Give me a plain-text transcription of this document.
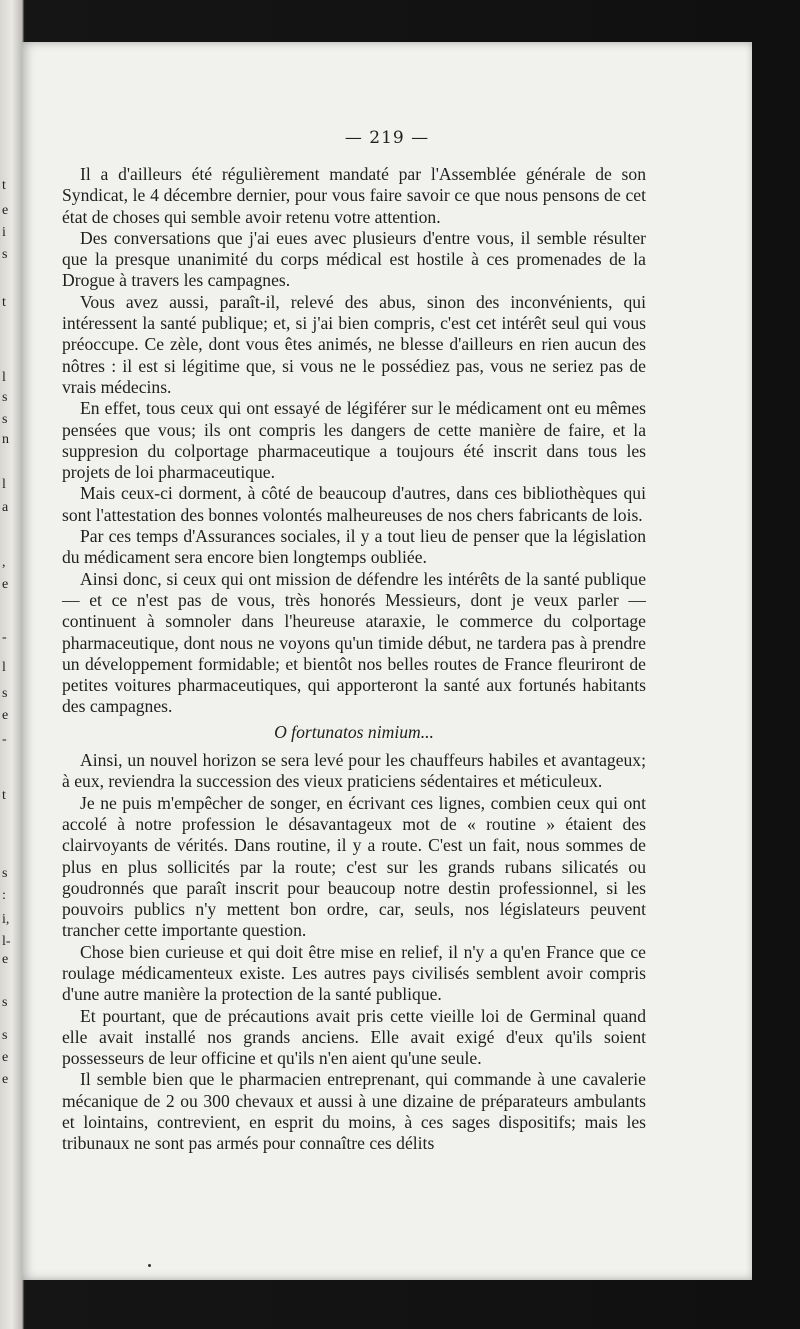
t
e
i
s
t
l
s
s
n
l
a
,
e
-
l
s
e
-
t
s
:
i,
l-
e
s
s
e
e
— 219 —

Il a d'ailleurs été régulièrement mandaté par l'Assemblée générale de son Syndicat, le 4 décembre dernier, pour vous faire savoir ce que nous pensons de cet état de choses qui semble avoir retenu votre attention.

Des conversations que j'ai eues avec plusieurs d'entre vous, il semble résulter que la presque unanimité du corps médical est hostile à ces promenades de la Drogue à travers les campagnes.

Vous avez aussi, paraît-il, relevé des abus, sinon des inconvénients, qui intéressent la santé publique; et, si j'ai bien compris, c'est cet intérêt seul qui vous préoccupe. Ce zèle, dont vous êtes animés, ne blesse d'ailleurs en rien aucun des nôtres : il est si légitime que, si vous ne le possédiez pas, vous ne seriez pas de vrais médecins.

En effet, tous ceux qui ont essayé de légiférer sur le médicament ont eu mêmes pensées que vous; ils ont compris les dangers de cette manière de faire, et la suppresion du colportage pharmaceutique a toujours été inscrit dans tous les projets de loi pharmaceutique.

Mais ceux-ci dorment, à côté de beaucoup d'autres, dans ces bibliothèques qui sont l'attestation des bonnes volontés malheureuses de nos chers fabricants de lois.

Par ces temps d'Assurances sociales, il y a tout lieu de penser que la législation du médicament sera encore bien longtemps oubliée.

Ainsi donc, si ceux qui ont mission de défendre les intérêts de la santé publique — et ce n'est pas de vous, très honorés Messieurs, dont je veux parler — continuent à somnoler dans l'heureuse ataraxie, le commerce du colportage pharmaceutique, dont nous ne voyons qu'un timide début, ne tardera pas à prendre un développement formidable; et bientôt nos belles routes de France fleuriront de petites voitures pharmaceutiques, qui apporteront la santé aux fortunés habitants des campagnes.

O fortunatos nimium...

Ainsi, un nouvel horizon se sera levé pour les chauffeurs habiles et avantageux; à eux, reviendra la succession des vieux praticiens sédentaires et méticuleux.

Je ne puis m'empêcher de songer, en écrivant ces lignes, combien ceux qui ont accolé à notre profession le désavantageux mot de « routine » étaient des clairvoyants de vérités. Dans routine, il y a route. C'est un fait, nous sommes de plus en plus sollicités par la route; c'est sur les grands rubans silicatés ou goudronnés que paraît inscrit pour beaucoup notre destin professionnel, si les pouvoirs publics n'y mettent bon ordre, car, seuls, nos législateurs peuvent trancher cette importante question.

Chose bien curieuse et qui doit être mise en relief, il n'y a qu'en France que ce roulage médicamenteux existe. Les autres pays civilisés semblent avoir compris d'une autre manière la protection de la santé publique.

Et pourtant, que de précautions avait pris cette vieille loi de Germinal quand elle avait installé nos grands anciens. Elle avait exigé d'eux qu'ils soient possesseurs de leur officine et qu'ils n'en aient qu'une seule.

Il semble bien que le pharmacien entreprenant, qui commande à une cavalerie mécanique de 2 ou 300 chevaux et aussi à une dizaine de préparateurs ambulants et lointains, contrevient, en esprit du moins, à ces sages dispositifs; mais les tribunaux ne sont pas armés pour connaître ces délits
